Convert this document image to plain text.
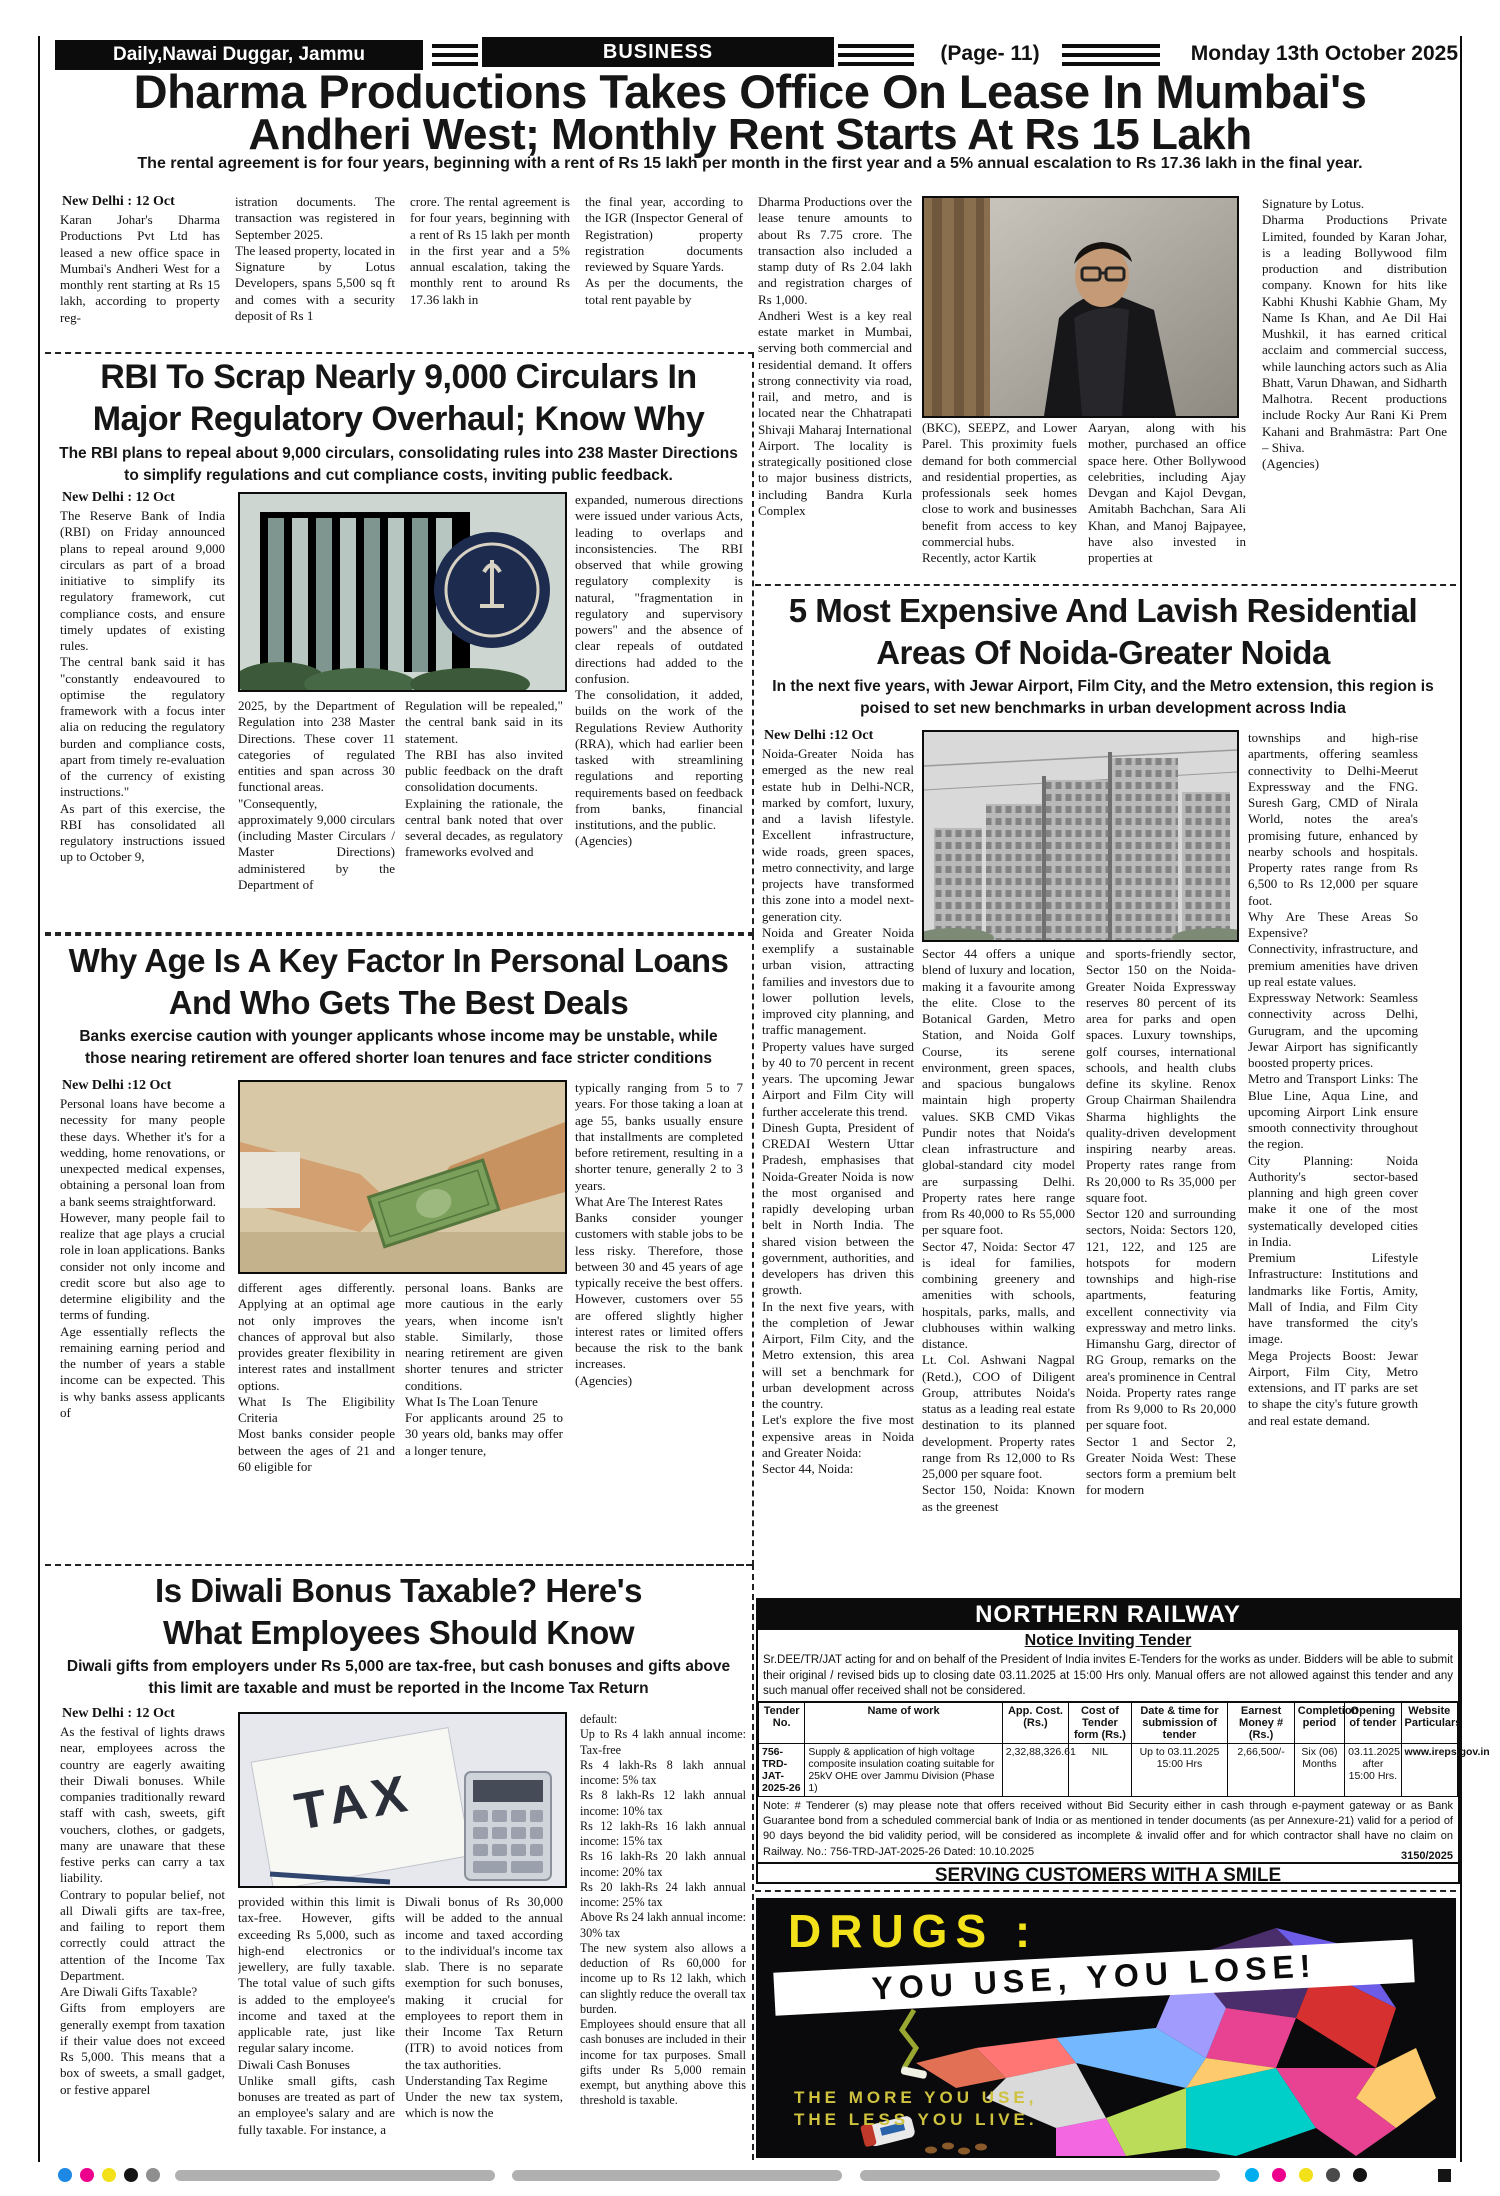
Daily,Nawai Duggar, Jammu	BUSINESS	(Page- 11)	Monday 13th October 2025
Dharma Productions Takes Office On Lease In Mumbai's
Andheri West; Monthly Rent Starts At Rs 15 Lakh
The rental agreement is for four years, beginning with a rent of Rs 15 lakh per month in the first year and a 5% annual escalation to Rs 17.36 lakh in the final year.
New Delhi : 12 Oct
Karan Johar's Dharma Productions Pvt Ltd has leased a new office space in Mumbai's Andheri West for a monthly rent starting at Rs 15 lakh, according to property reg-
istration documents. The transaction was registered in September 2025.
The leased property, located in Signature by Lotus Developers, spans 5,500 sq ft and comes with a security deposit of Rs 1
crore. The rental agreement is for four years, beginning with a rent of Rs 15 lakh per month in the first year and a 5% annual escalation, taking the monthly rent to around Rs 17.36 lakh in
the final year, according to the IGR (Inspector General of Registration) property registration documents reviewed by Square Yards.
As per the documents, the total rent payable by
Dharma Productions over the lease tenure amounts to about Rs 7.75 crore. The transaction also included a stamp duty of Rs 2.04 lakh and registration charges of Rs 1,000.
Andheri West is a key real estate market in Mumbai, serving both commercial and residential demand. It offers strong connectivity via road, rail, and metro, and is located near the Chhatrapati Shivaji Maharaj International Airport. The locality is strategically positioned close to major business districts, including Bandra Kurla Complex
(BKC), SEEPZ, and Lower Parel. This proximity fuels demand for both commercial and residential properties, as professionals seek homes close to work and businesses benefit from access to key commercial hubs.
Recently, actor Kartik
Aaryan, along with his mother, purchased an office space here. Other Bollywood celebrities, including Ajay Devgan and Kajol Devgan, Amitabh Bachchan, Sara Ali Khan, and Manoj Bajpayee, have also invested in properties at
Signature by Lotus.
Dharma Productions Private Limited, founded by Karan Johar, is a leading Bollywood film production and distribution company. Known for hits like Kabhi Khushi Kabhie Gham, My Name Is Khan, and Ae Dil Hai Mushkil, it has earned critical acclaim and commercial success, while launching actors such as Alia Bhatt, Varun Dhawan, and Sidharth Malhotra. Recent productions include Rocky Aur Rani Ki Prem Kahani and Brahmāstra: Part One – Shiva.
(Agencies)
RBI To Scrap Nearly 9,000 Circulars In
Major Regulatory Overhaul; Know Why
The RBI plans to repeal about 9,000 circulars, consolidating rules into 238 Master Directions
to simplify regulations and cut compliance costs, inviting public feedback.
New Delhi : 12 Oct
The Reserve Bank of India (RBI) on Friday announced plans to repeal around 9,000 circulars as part of a broad initiative to simplify its regulatory framework, cut compliance costs, and ensure timely updates of existing rules.
The central bank said it has "constantly endeavoured to optimise the regulatory framework with a focus inter alia on reducing the regulatory burden and compliance costs, apart from timely re-evaluation of the currency of existing instructions."
As part of this exercise, the RBI has consolidated all regulatory instructions issued up to October 9,
2025, by the Department of Regulation into 238 Master Directions. These cover 11 categories of regulated entities and span across 30 functional areas.
"Consequently, approximately 9,000 circulars (including Master Circulars / Master Directions) administered by the Department of
Regulation will be repealed," the central bank said in its statement.
The RBI has also invited public feedback on the draft consolidation documents.
Explaining the rationale, the central bank noted that over several decades, as regulatory frameworks evolved and
expanded, numerous directions were issued under various Acts, leading to overlaps and inconsistencies. The RBI observed that while growing regulatory complexity is natural, "fragmentation in regulatory and supervisory powers" and the absence of clear repeals of outdated directions had added to the confusion.
The consolidation, it added, builds on the work of the Regulations Review Authority (RRA), which had earlier been tasked with streamlining regulations and reporting requirements based on feedback from banks, financial institutions, and the public.
(Agencies)
5 Most Expensive And Lavish Residential
Areas Of Noida-Greater Noida
In the next five years, with Jewar Airport, Film City, and the Metro extension, this region is
poised to set new benchmarks in urban development across India
New Delhi :12 Oct
Noida-Greater Noida has emerged as the new real estate hub in Delhi-NCR, marked by comfort, luxury, and a lavish lifestyle. Excellent infrastructure, wide roads, green spaces, metro connectivity, and large projects have transformed this zone into a model next-generation city.
Noida and Greater Noida exemplify a sustainable urban vision, attracting families and investors due to lower pollution levels, improved city planning, and traffic management.
Property values have surged by 40 to 70 percent in recent years. The upcoming Jewar Airport and Film City will further accelerate this trend.
Dinesh Gupta, President of CREDAI Western Uttar Pradesh, emphasises that Noida-Greater Noida is now the most organised and rapidly developing urban belt in North India. The shared vision between the government, authorities, and developers has driven this growth.
In the next five years, with the completion of Jewar Airport, Film City, and the Metro extension, this area will set a benchmark for urban development across the country.
Let's explore the five most expensive areas in Noida and Greater Noida:
Sector 44, Noida:
Sector 44 offers a unique blend of luxury and location, making it a favourite among the elite. Close to the Botanical Garden, Metro Station, and Noida Golf Course, its serene environment, green spaces, and spacious bungalows maintain high property values. SKB CMD Vikas Pundir notes that Noida's clean infrastructure and global-standard city model are surpassing Delhi. Property rates here range from Rs 40,000 to Rs 55,000 per square foot.
Sector 47, Noida: Sector 47 is ideal for families, combining greenery and amenities with schools, hospitals, parks, malls, and clubhouses within walking distance.
Lt. Col. Ashwani Nagpal (Retd.), COO of Diligent Group, attributes Noida's status as a leading real estate destination to its planned development. Property rates range from Rs 12,000 to Rs 25,000 per square foot.
Sector 150, Noida: Known as the greenest
and sports-friendly sector, Sector 150 on the Noida-Greater Noida Expressway reserves 80 percent of its area for parks and open spaces. Luxury townships, golf courses, international schools, and health clubs define its skyline. Renox Group Chairman Shailendra Sharma highlights the quality-driven development inspiring nearby areas. Property rates range from Rs 20,000 to Rs 35,000 per square foot.
Sector 120 and surrounding sectors, Noida: Sectors 120, 121, 122, and 125 are hotspots for modern townships and high-rise apartments, featuring excellent connectivity via expressway and metro links. Himanshu Garg, director of RG Group, remarks on the area's prominence in Central Noida. Property rates range from Rs 9,000 to Rs 20,000 per square foot.
Sector 1 and Sector 2, Greater Noida West: These sectors form a premium belt for modern
townships and high-rise apartments, offering seamless connectivity to Delhi-Meerut Expressway and the FNG. Suresh Garg, CMD of Nirala World, notes the area's promising future, enhanced by nearby schools and hospitals. Property rates range from Rs 6,500 to Rs 12,000 per square foot.
Why Are These Areas So Expensive?
Connectivity, infrastructure, and premium amenities have driven up real estate values.
Expressway Network: Seamless connectivity across Delhi, Gurugram, and the upcoming Jewar Airport has significantly boosted property prices.
Metro and Transport Links: The Blue Line, Aqua Line, and upcoming Airport Link ensure smooth connectivity throughout the region.
City Planning: Noida Authority's sector-based planning and high green cover make it one of the most systematically developed cities in India.
Premium Lifestyle Infrastructure: Institutions and landmarks like Fortis, Amity, Mall of India, and Film City have transformed the city's image.
Mega Projects Boost: Jewar Airport, Film City, Metro extensions, and IT parks are set to shape the city's future growth and real estate demand.
Why Age Is A Key Factor In Personal Loans
And Who Gets The Best Deals
Banks exercise caution with younger applicants whose income may be unstable, while
those nearing retirement are offered shorter loan tenures and face stricter conditions
New Delhi :12 Oct
Personal loans have become a necessity for many people these days. Whether it's for a wedding, home renovations, or unexpected medical expenses, obtaining a personal loan from a bank seems straightforward.
However, many people fail to realize that age plays a crucial role in loan applications. Banks consider not only income and credit score but also age to determine eligibility and the terms of funding.
Age essentially reflects the remaining earning period and the number of years a stable income can be expected. This is why banks assess applicants of
different ages differently. Applying at an optimal age not only improves the chances of approval but also provides greater flexibility in interest rates and installment options.
What Is The Eligibility Criteria
Most banks consider people between the ages of 21 and 60 eligible for
personal loans. Banks are more cautious in the early years, when income isn't stable. Similarly, those nearing retirement are given shorter tenures and stricter conditions.
What Is The Loan Tenure
For applicants around 25 to 30 years old, banks may offer a longer tenure,
typically ranging from 5 to 7 years. For those taking a loan at age 55, banks usually ensure that installments are completed before retirement, resulting in a shorter tenure, generally 2 to 3 years.
What Are The Interest Rates
Banks consider younger customers with stable jobs to be less risky. Therefore, those between 30 and 45 years of age typically receive the best offers. However, customers over 55 are offered slightly higher interest rates or limited offers because the risk to the bank increases.
(Agencies)
Is Diwali Bonus Taxable? Here's
What Employees Should Know
Diwali gifts from employers under Rs 5,000 are tax-free, but cash bonuses and gifts above
this limit are taxable and must be reported in the Income Tax Return
New Delhi : 12 Oct
As the festival of lights draws near, employees across the country are eagerly awaiting their Diwali bonuses. While companies traditionally reward staff with cash, sweets, gift vouchers, clothes, or gadgets, many are unaware that these festive perks can carry a tax liability.
Contrary to popular belief, not all Diwali gifts are tax-free, and failing to report them correctly could attract the attention of the Income Tax Department.
Are Diwali Gifts Taxable?
Gifts from employers are generally exempt from taxation if their value does not exceed Rs 5,000. This means that a box of sweets, a small gadget, or festive apparel
TAX
provided within this limit is tax-free. However, gifts exceeding Rs 5,000, such as high-end electronics or jewellery, are fully taxable. The total value of such gifts is added to the employee's income and taxed at the applicable rate, just like regular salary income.
Diwali Cash Bonuses
Unlike small gifts, cash bonuses are treated as part of an employee's salary and are fully taxable. For instance, a
Diwali bonus of Rs 30,000 will be added to the annual income and taxed according to the individual's income tax slab. There is no separate exemption for such bonuses, making it crucial for employees to report them in their Income Tax Return (ITR) to avoid notices from the tax authorities.
Understanding Tax Regime
Under the new tax system, which is now the
default:
Up to Rs 4 lakh annual income: Tax-free
Rs 4 lakh-Rs 8 lakh annual income: 5% tax
Rs 8 lakh-Rs 12 lakh annual income: 10% tax
Rs 12 lakh-Rs 16 lakh annual income: 15% tax
Rs 16 lakh-Rs 20 lakh annual income: 20% tax
Rs 20 lakh-Rs 24 lakh annual income: 25% tax
Above Rs 24 lakh annual income: 30% tax
The new system also allows a deduction of Rs 60,000 for income up to Rs 12 lakh, which can slightly reduce the overall tax burden.
Employees should ensure that all cash bonuses are included in their income for tax purposes. Small gifts under Rs 5,000 remain exempt, but anything above this threshold is taxable.
NORTHERN RAILWAY
Notice Inviting Tender
Sr.DEE/TR/JAT acting for and on behalf of the President of India invites E-Tenders for the works as under. Bidders will be able to submit their original / revised bids up to closing date 03.11.2025 at 15:00 Hrs only. Manual offers are not allowed against this tender and any such manual offer received shall not be considered.
Tender No.	Name of work	App. Cost. (Rs.)	Cost of Tender form (Rs.)	Date & time for submission of tender	Earnest Money # (Rs.)	Completion period	Opening of tender	Website Particulars
756-TRD-JAT-2025-26	Supply & application of high voltage composite insulation coating suitable for 25kV OHE over Jammu Division (Phase 1)	2,32,88,326.61	NIL	Up to 03.11.2025 15:00 Hrs	2,66,500/-	Six (06) Months	03.11.2025 after 15:00 Hrs.	www.ireps.gov.in
Note: # Tenderer (s) may please note that offers received without Bid Security either in cash through e-payment gateway or as Bank Guarantee bond from a scheduled commercial bank of India or as mentioned in tender documents (as per Annexure-21) valid for a period of 90 days beyond the bid validity period, will be considered as incomplete & invalid offer and for which contractor shall have no claim on Railway. No.: 756-TRD-JAT-2025-26 Dated: 10.10.2025	3150/2025
SERVING CUSTOMERS WITH A SMILE
DRUGS :
YOU USE, YOU LOSE!
THE MORE YOU USE,
THE LESS YOU LIVE.
